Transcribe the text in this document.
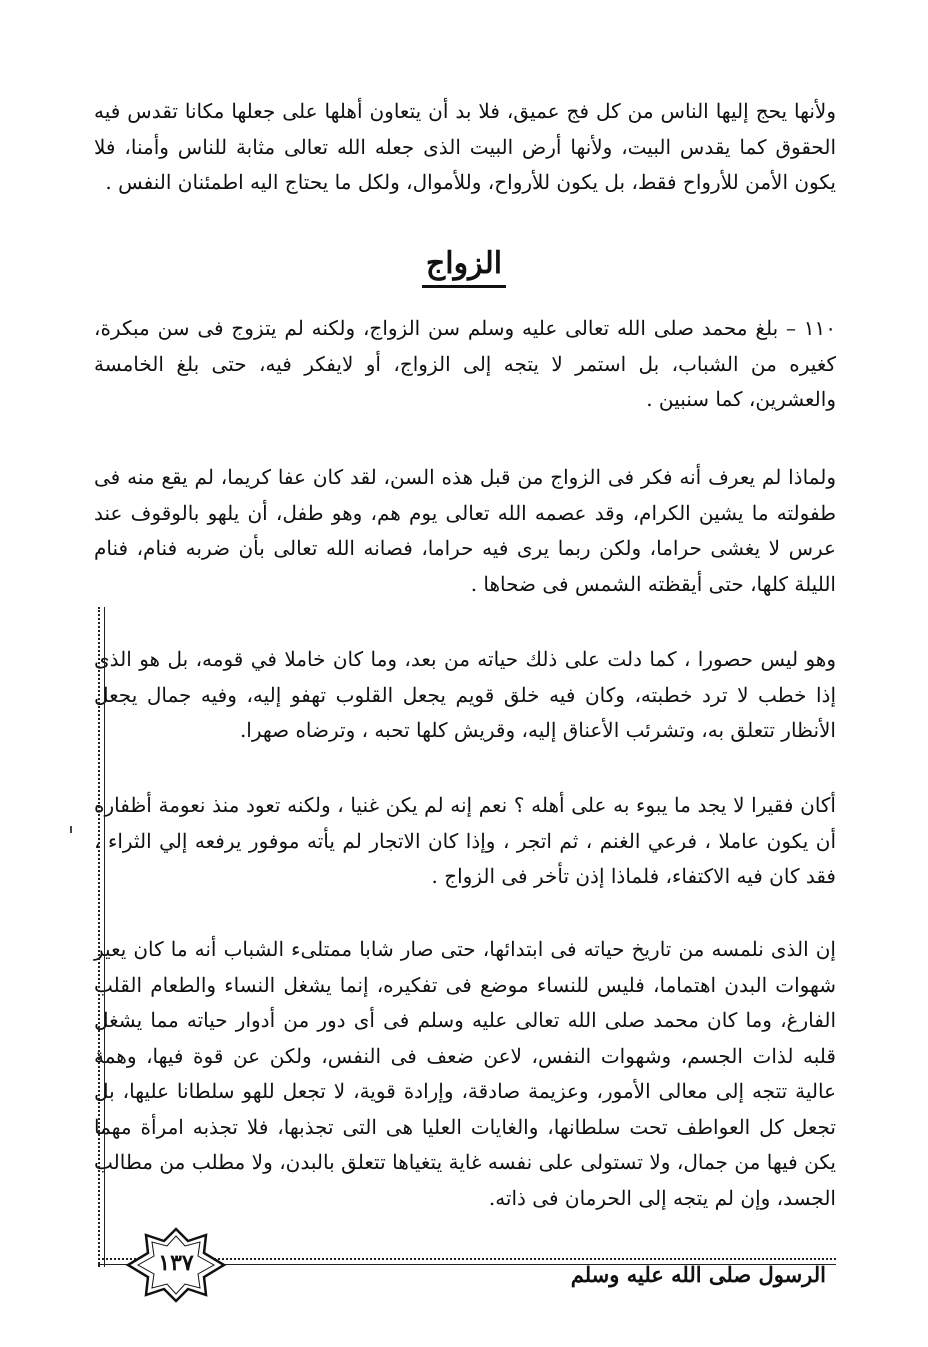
ولأنها يحج إليها الناس من كل فج عميق، فلا بد أن يتعاون أهلها على جعلها مكانا تقدس فيه الحقوق كما يقدس البيت، ولأنها أرض البيت الذى جعله الله تعالى مثابة للناس وأمنا، فلا يكون الأمن للأرواح فقط، بل يكون للأرواح، وللأموال، ولكل ما يحتاج اليه اطمئنان النفس .

الزواج

١١٠ – بلغ محمد صلى الله تعالى عليه وسلم سن الزواج، ولكنه لم يتزوج فى سن مبكرة، كغيره من الشباب، بل استمر لا يتجه إلى الزواج، أو لايفكر فيه، حتى بلغ الخامسة والعشرين، كما سنبين .

ولماذا لم يعرف أنه فكر فى الزواج من قبل هذه السن، لقد كان عفا كريما، لم يقع منه فى طفولته ما يشين الكرام، وقد عصمه الله تعالى يوم هم، وهو طفل، أن يلهو بالوقوف عند عرس لا يغشى حراما، ولكن ربما يرى فيه حراما، فصانه الله تعالى بأن ضربه فنام، فنام الليلة كلها، حتى أيقظته الشمس فى ضحاها .

وهو ليس حصورا ، كما دلت على ذلك حياته من بعد، وما كان خاملا في قومه، بل هو الذى إذا خطب لا ترد خطبته، وكان فيه خلق قويم يجعل القلوب تهفو إليه، وفيه جمال يجعل الأنظار تتعلق به، وتشرئب الأعناق إليه، وقريش كلها تحبه ، وترضاه صهرا.

أكان فقيرا لا يجد ما يبوء به على أهله ؟ نعم إنه لم يكن غنيا ، ولكنه تعود منذ نعومة أظفاره أن يكون عاملا ، فرعي الغنم ، ثم اتجر ، وإذا كان الاتجار لم يأته موفور يرفعه إلي الثراء ، فقد كان فيه الاكتفاء، فلماذا إذن تأخر فى الزواج .

إن الذى نلمسه من تاريخ حياته فى ابتدائها، حتى صار شابا ممتلىء الشباب أنه ما كان يعير شهوات البدن اهتماما، فليس للنساء موضع فى تفكيره، إنما يشغل النساء والطعام القلب الفارغ، وما كان محمد صلى الله تعالى عليه وسلم فى أى دور من أدوار حياته مما يشغل قلبه لذات الجسم، وشهوات النفس، لاعن ضعف فى النفس، ولكن عن قوة فيها، وهمة عالية تتجه إلى معالى الأمور، وعزيمة صادقة، وإرادة قوية، لا تجعل للهو سلطانا عليها، بل تجعل كل العواطف تحت سلطانها، والغايات العليا هى التى تجذبها، فلا تجذبه امرأة مهما يكن فيها من جمال، ولا تستولى على نفسه غاية يتغياها تتعلق بالبدن، ولا مطلب من مطالب الجسد، وإن لم يتجه إلى الحرمان فى ذاته.

الرسول صلى الله عليه وسلم

١٣٧
